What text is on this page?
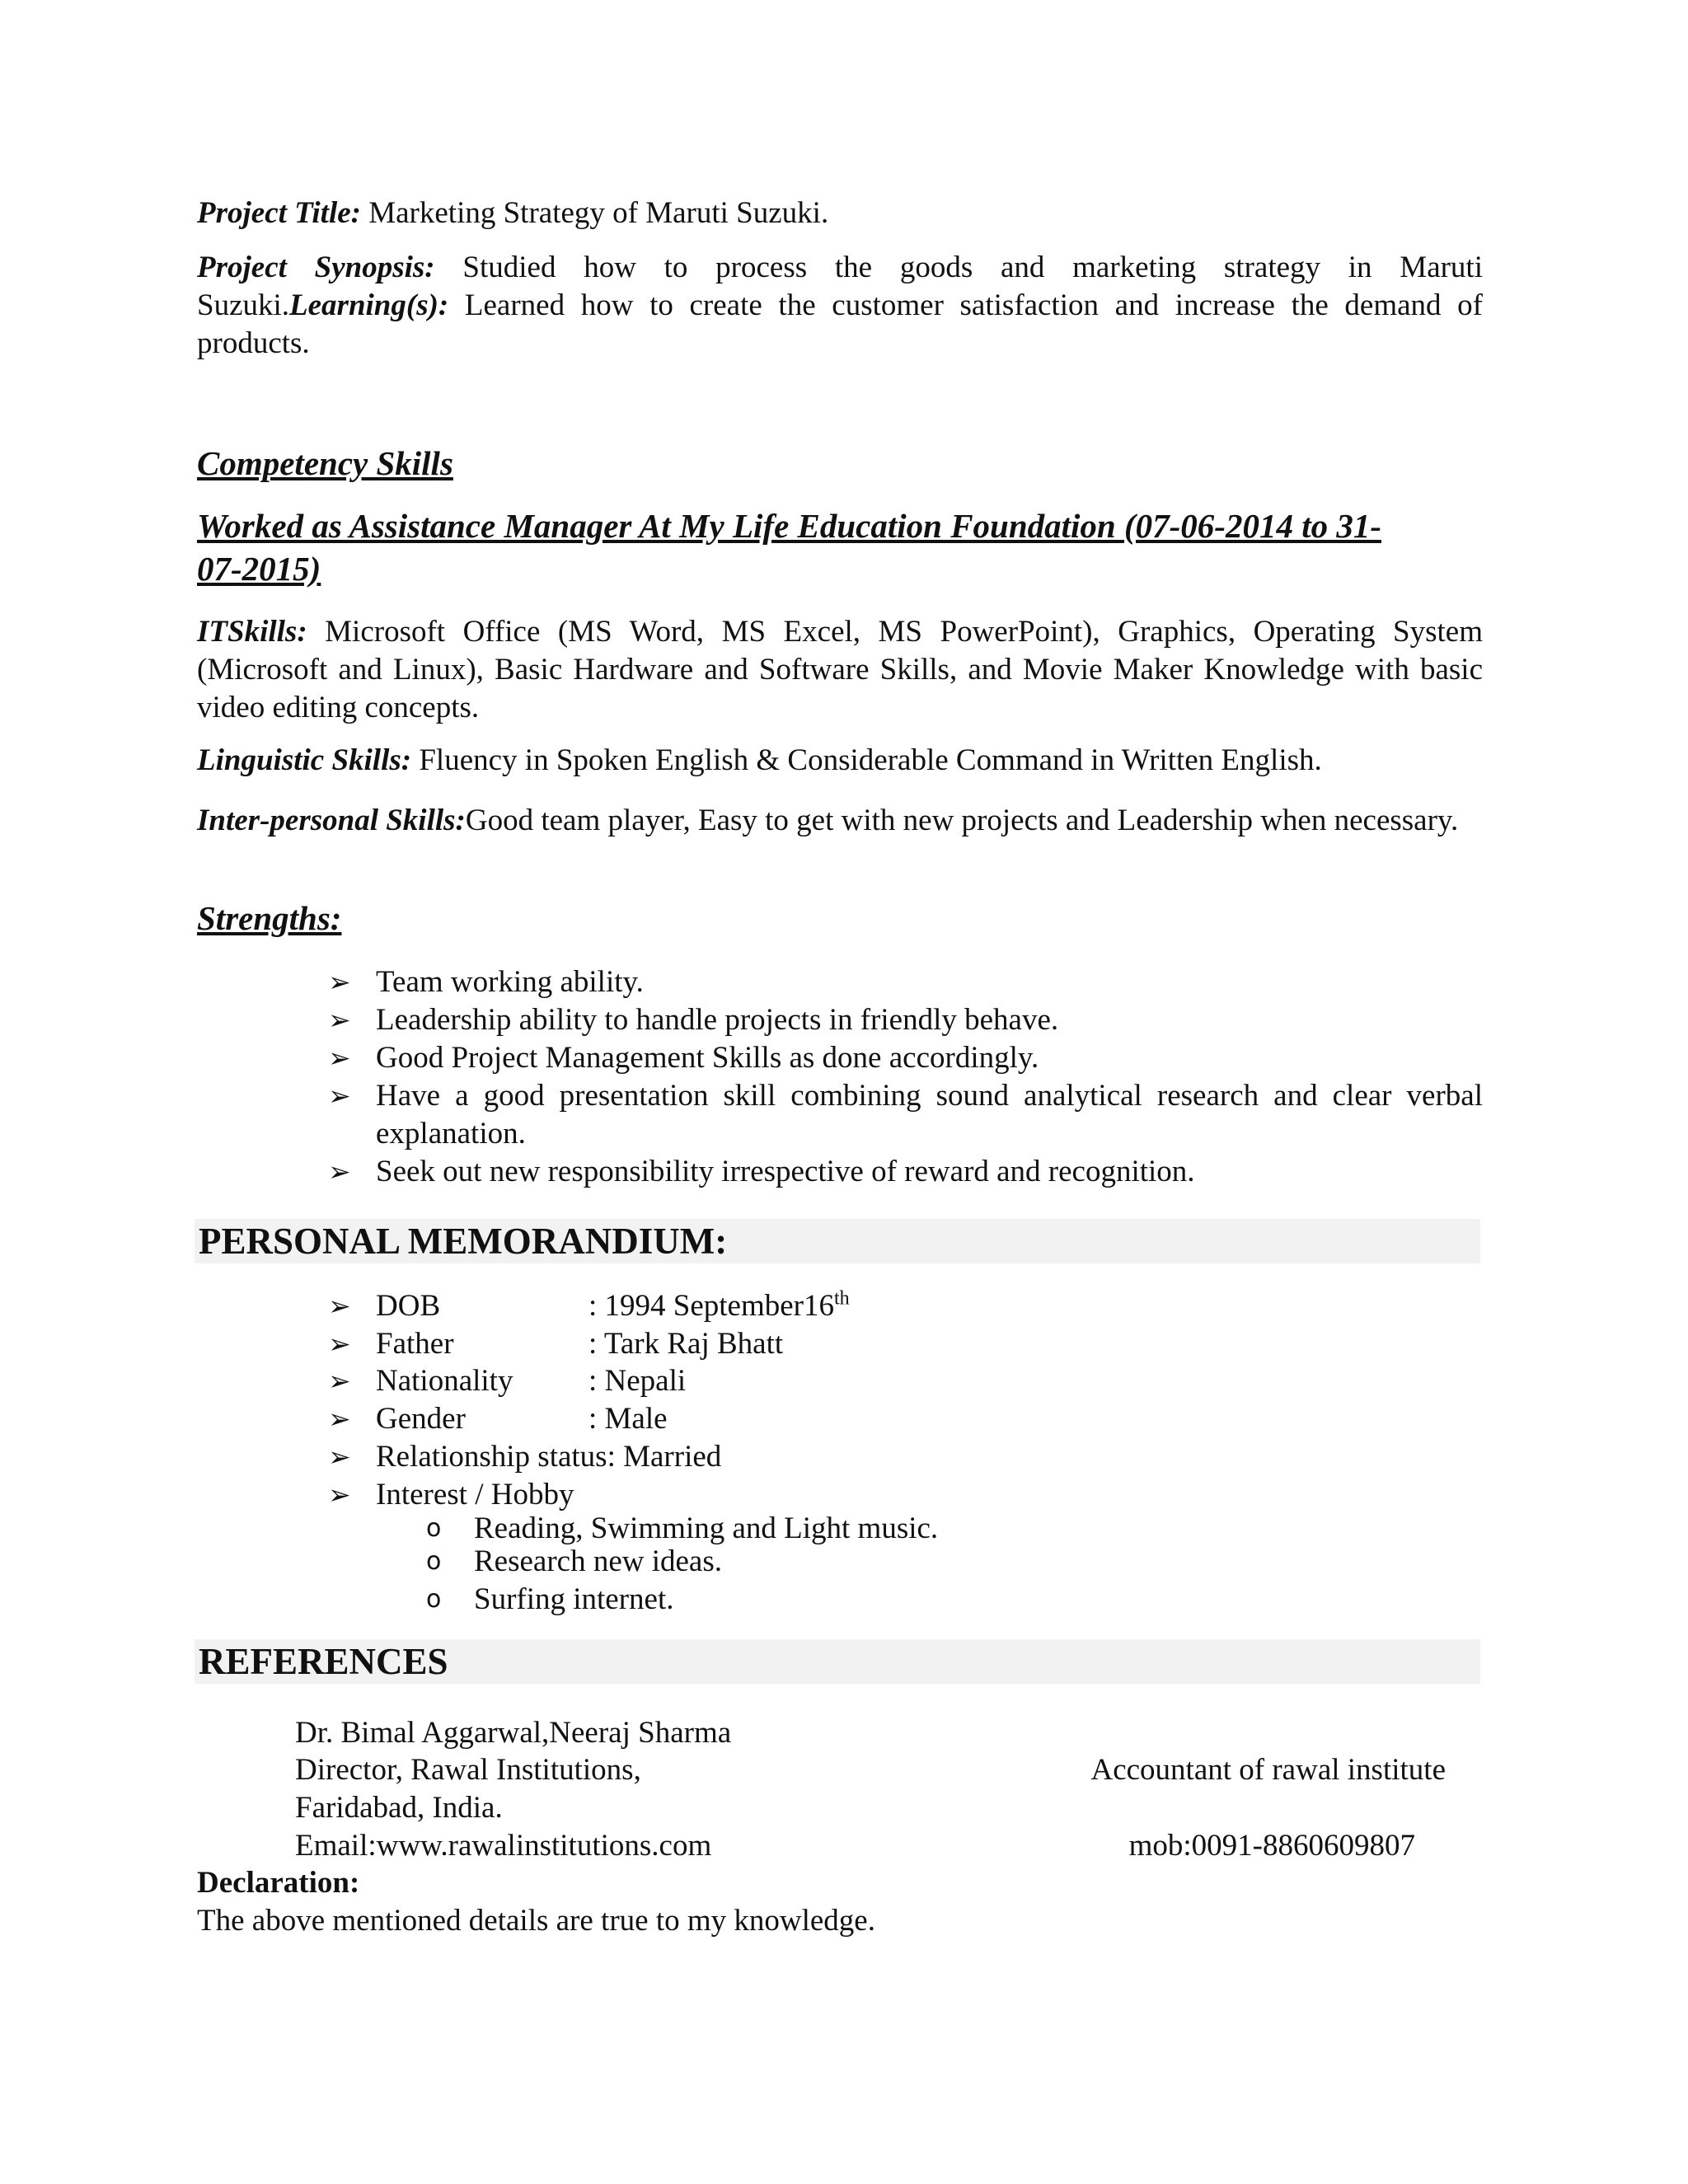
Project Title: Marketing Strategy of Maruti Suzuki.
Project Synopsis: Studied how to process the goods and marketing strategy in Maruti Suzuki.Learning(s): Learned how to create the customer satisfaction and increase the demand of products.
Competency Skills
Worked as Assistance Manager At My Life Education Foundation (07-06-2014 to 31-
07-2015)
ITSkills: Microsoft Office (MS Word, MS Excel, MS PowerPoint), Graphics, Operating System (Microsoft and Linux), Basic Hardware and Software Skills, and Movie Maker Knowledge with basic video editing concepts.
Linguistic Skills: Fluency in Spoken English & Considerable Command in Written English.
Inter-personal Skills:Good team player, Easy to get with new projects and Leadership when necessary.
Strengths:
➢ Team working ability.
➢ Leadership ability to handle projects in friendly behave.
➢ Good Project Management Skills as done accordingly.
➢ Have a good presentation skill combining sound analytical research and clear verbal explanation.
➢ Seek out new responsibility irrespective of reward and recognition.
PERSONAL MEMORANDIUM:
➢ DOB	: 1994 September16th
➢ Father	: Tark Raj Bhatt
➢ Nationality : Nepali
➢ Gender	: Male
➢ Relationship status: Married
➢ Interest / Hobby
o Reading, Swimming and Light music.
o Research new ideas.
o Surfing internet.
REFERENCES
Dr. Bimal Aggarwal,Neeraj Sharma
Director, Rawal Institutions,	Accountant of rawal institute
Faridabad, India.
Email:www.rawalinstitutions.com	mob:0091-8860609807
Declaration:
The above mentioned details are true to my knowledge.
